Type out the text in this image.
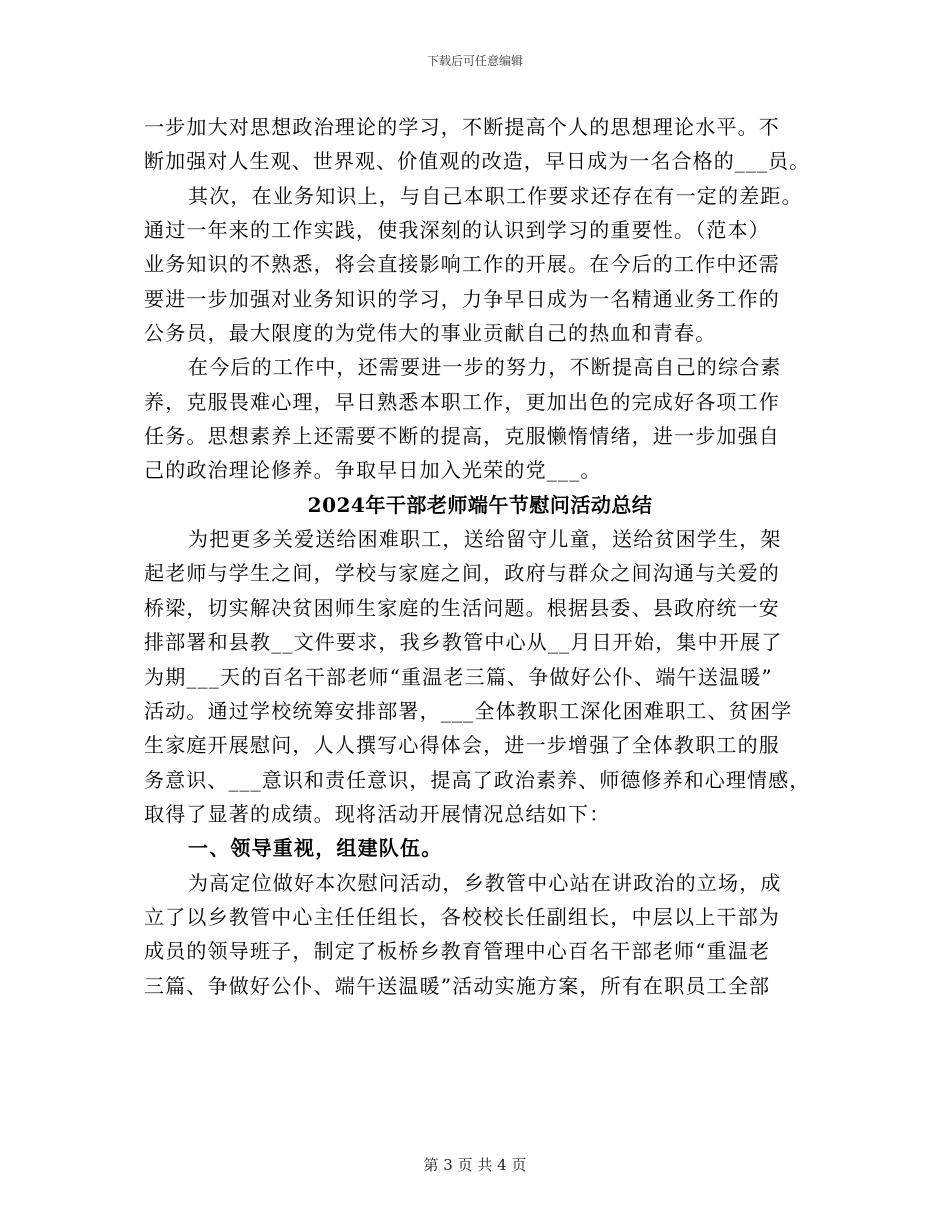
下载后可任意编辑
一步加大对思想政治理论的学习，不断提高个人的思想理论水平。不
断加强对人生观、世界观、价值观的改造，早日成为一名合格的___员。
其次，在业务知识上，与自己本职工作要求还存在有一定的差距。
通过一年来的工作实践，使我深刻的认识到学习的重要性。（范本）
业务知识的不熟悉，将会直接影响工作的开展。在今后的工作中还需
要进一步加强对业务知识的学习，力争早日成为一名精通业务工作的
公务员，最大限度的为党伟大的事业贡献自己的热血和青春。
在今后的工作中，还需要进一步的努力，不断提高自己的综合素
养，克服畏难心理，早日熟悉本职工作，更加出色的完成好各项工作
任务。思想素养上还需要不断的提高，克服懒惰情绪，进一步加强自
己的政治理论修养。争取早日加入光荣的党___。
2024年干部老师端午节慰问活动总结
为把更多关爱送给困难职工，送给留守儿童，送给贫困学生，架
起老师与学生之间，学校与家庭之间，政府与群众之间沟通与关爱的
桥梁，切实解决贫困师生家庭的生活问题。根据县委、县政府统一安
排部署和县教__文件要求，我乡教管中心从__月日开始，集中开展了
为期___天的百名干部老师“重温老三篇、争做好公仆、端午送温暖”
活动。通过学校统筹安排部署，___全体教职工深化困难职工、贫困学
生家庭开展慰问，人人撰写心得体会，进一步增强了全体教职工的服
务意识、___意识和责任意识，提高了政治素养、师德修养和心理情感，
取得了显著的成绩。现将活动开展情况总结如下：
一、领导重视，组建队伍。
为高定位做好本次慰问活动，乡教管中心站在讲政治的立场，成
立了以乡教管中心主任任组长，各校校长任副组长，中层以上干部为
成员的领导班子，制定了板桥乡教育管理中心百名干部老师“重温老
三篇、争做好公仆、端午送温暖”活动实施方案，所有在职员工全部
第 3 页 共 4 页
